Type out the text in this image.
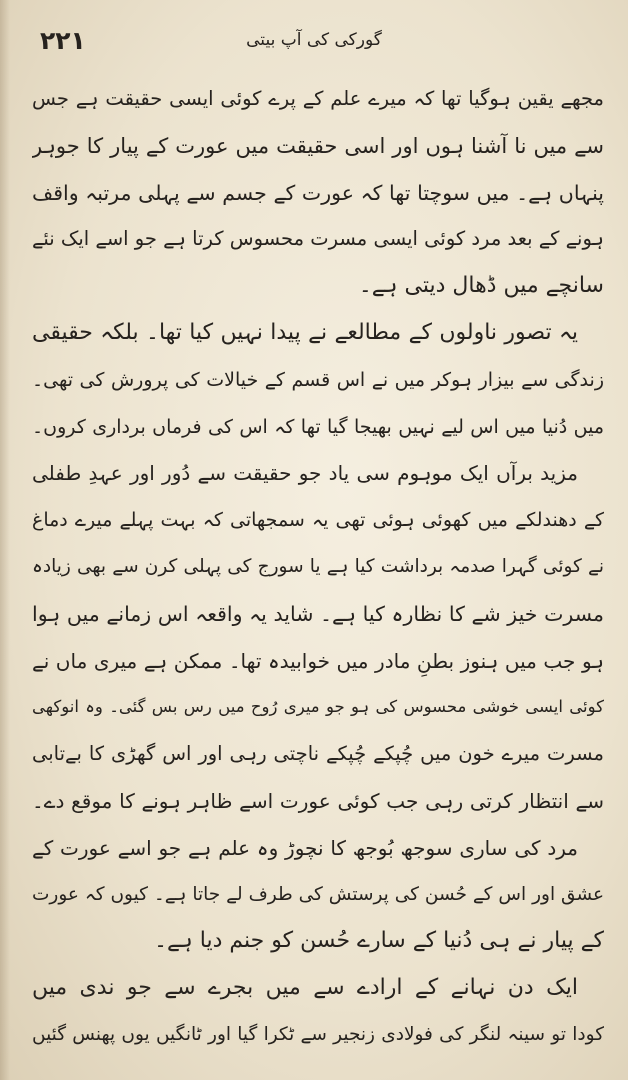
۲۲۱	گورکی کی آپ بیتی
مجھے یقین ہوگیا تھا کہ میرے علم کے پرے کوئی ایسی حقیقت ہے جس
سے میں نا آشنا ہوں اور اسی حقیقت میں عورت کے پیار کا جوہر
پنہاں ہے۔ میں سوچتا تھا کہ عورت کے جسم سے پہلی مرتبہ واقف
ہونے کے بعد مرد کوئی ایسی مسرت محسوس کرتا ہے جو اسے ایک نئے
سانچے میں ڈھال دیتی ہے۔
یہ تصور ناولوں کے مطالعے نے پیدا نہیں کیا تھا۔ بلکہ حقیقی
زندگی سے بیزار ہوکر میں نے اس قسم کے خیالات کی پرورش کی تھی۔
میں دُنیا میں اس لیے نہیں بھیجا گیا تھا کہ اس کی فرماں برداری کروں۔
مزید برآں ایک موہوم سی یاد جو حقیقت سے دُور اور عہدِ طفلی
کے دھندلکے میں کھوئی ہوئی تھی یہ سمجھاتی کہ بہت پہلے میرے دماغ
نے کوئی گہرا صدمہ برداشت کیا ہے یا سورج کی پہلی کرن سے بھی زیادہ
مسرت خیز شے کا نظارہ کیا ہے۔ شاید یہ واقعہ اس زمانے میں ہوا
ہو جب میں ہنوز بطنِ مادر میں خوابیدہ تھا۔ ممکن ہے میری ماں نے
کوئی ایسی خوشی محسوس کی ہو جو میری رُوح میں رس بس گئی۔ وہ انوکھی
مسرت میرے خون میں چُپکے چُپکے ناچتی رہی اور اس گھڑی کا بےتابی
سے انتظار کرتی رہی جب کوئی عورت اسے ظاہر ہونے کا موقع دے۔
مرد کی ساری سوجھ بُوجھ کا نچوڑ وہ علم ہے جو اسے عورت کے
عشق اور اس کے حُسن کی پرستش کی طرف لے جاتا ہے۔ کیوں کہ عورت
کے پیار نے ہی دُنیا کے سارے حُسن کو جنم دیا ہے۔
ایک دن نہانے کے ارادے سے میں بجرے سے جو ندی میں
کودا تو سینہ لنگر کی فولادی زنجیر سے ٹکرا گیا اور ٹانگیں یوں پھنس گئیں
